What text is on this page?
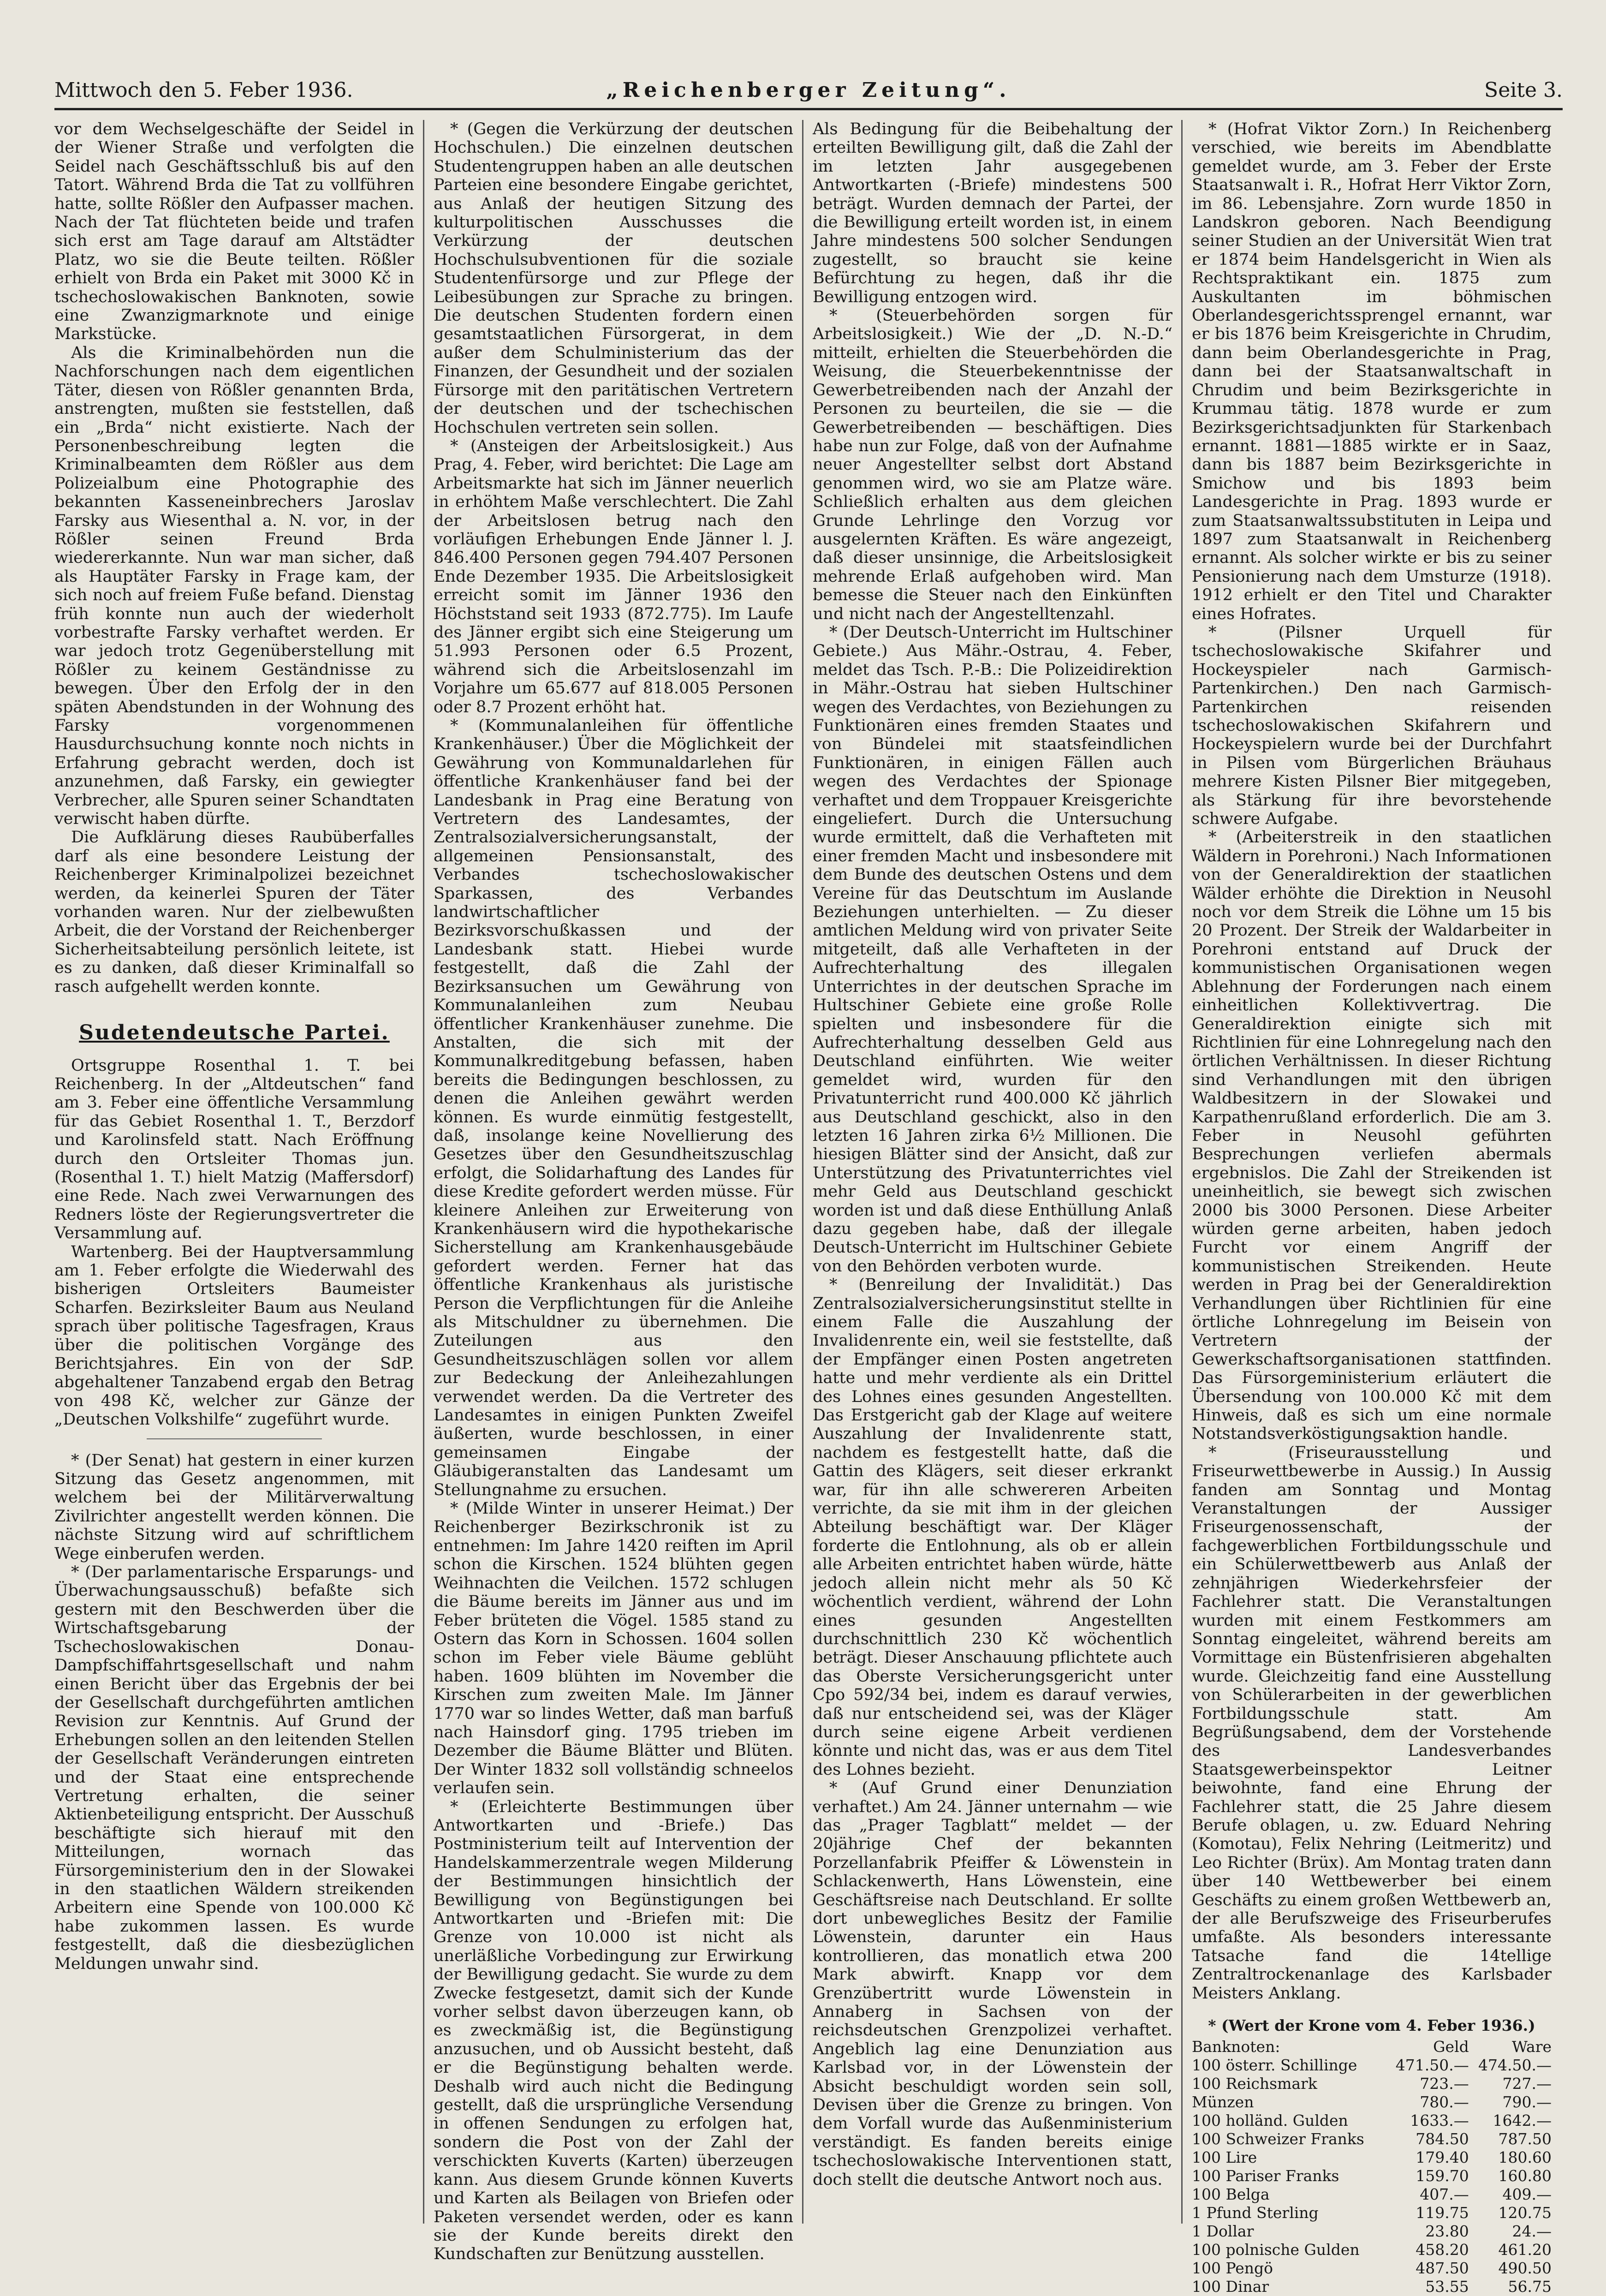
Mittwoch den 5. Feber 1936.	„Reichenberger Zeitung“.	Seite 3.

vor dem Wechselgeschäfte der Seidel in der Wiener Straße und verfolgten die Seidel nach Geschäftsschluß bis auf den Tatort. Während Brda die Tat zu vollführen hatte, sollte Rößler den Aufpasser machen. Nach der Tat flüchteten beide und trafen sich erst am Tage darauf am Altstädter Platz, wo sie die Beute teilten. Rößler erhielt von Brda ein Paket mit 3000 Kč in tschechoslowakischen Banknoten, sowie eine Zwanzigmarknote und einige Markstücke.

Als die Kriminalbehörden nun die Nachforschungen nach dem eigentlichen Täter, diesen von Rößler genannten Brda, anstrengten, mußten sie feststellen, daß ein „Brda“ nicht existierte. Nach der Personenbeschreibung legten die Kriminalbeamten dem Rößler aus dem Polizeialbum eine Photographie des bekannten Kasseneinbrechers Jaroslav Farsky aus Wiesenthal a. N. vor, in der Rößler seinen Freund Brda wiedererkannte. Nun war man sicher, daß als Hauptäter Farsky in Frage kam, der sich noch auf freiem Fuße befand. Dienstag früh konnte nun auch der wiederholt vorbestrafte Farsky verhaftet werden. Er war jedoch trotz Gegenüberstellung mit Rößler zu keinem Geständnisse zu bewegen. Über den Erfolg der in den späten Abendstunden in der Wohnung des Farsky vorgenommenen Hausdurchsuchung konnte noch nichts in Erfahrung gebracht werden, doch ist anzunehmen, daß Farsky, ein gewiegter Verbrecher, alle Spuren seiner Schandtaten verwischt haben dürfte.

Die Aufklärung dieses Raubüberfalles darf als eine besondere Leistung der Reichenberger Kriminalpolizei bezeichnet werden, da keinerlei Spuren der Täter vorhanden waren. Nur der zielbewußten Arbeit, die der Vorstand der Reichenberger Sicherheitsabteilung persönlich leitete, ist es zu danken, daß dieser Kriminalfall so rasch aufgehellt werden konnte.

Sudetendeutsche Partei.

Ortsgruppe Rosenthal 1. T. bei Reichenberg. In der „Altdeutschen“ fand am 3. Feber eine öffentliche Versammlung für das Gebiet Rosenthal 1. T., Berzdorf und Karolinsfeld statt. Nach Eröffnung durch den Ortsleiter Thomas jun. (Rosenthal 1. T.) hielt Matzig (Maffersdorf) eine Rede. Nach zwei Verwarnungen des Redners löste der Regierungsvertreter die Versammlung auf.

Wartenberg. Bei der Hauptversammlung am 1. Feber erfolgte die Wiederwahl des bisherigen Ortsleiters Baumeister Scharfen. Bezirksleiter Baum aus Neuland sprach über politische Tagesfragen, Kraus über die politischen Vorgänge des Berichtsjahres. Ein von der SdP. abgehaltener Tanzabend ergab den Betrag von 498 Kč, welcher zur Gänze der „Deutschen Volkshilfe“ zugeführt wurde.

* (Der Senat) hat gestern in einer kurzen Sitzung das Gesetz angenommen, mit welchem bei der Militärverwaltung Zivilrichter angestellt werden können. Die nächste Sitzung wird auf schriftlichem Wege einberufen werden.

* (Der parlamentarische Ersparungs- und Überwachungsausschuß) befaßte sich gestern mit den Beschwerden über die Wirtschaftsgebarung der Tschechoslowakischen Donau-Dampfschiffahrtsgesellschaft und nahm einen Bericht über das Ergebnis der bei der Gesellschaft durchgeführten amtlichen Revision zur Kenntnis. Auf Grund der Erhebungen sollen an den leitenden Stellen der Gesellschaft Veränderungen eintreten und der Staat eine entsprechende Vertretung erhalten, die seiner Aktienbeteiligung entspricht. Der Ausschuß beschäftigte sich hierauf mit den Mitteilungen, wornach das Fürsorgeministerium den in der Slowakei in den staatlichen Wäldern streikenden Arbeitern eine Spende von 100.000 Kč habe zukommen lassen. Es wurde festgestellt, daß die diesbezüglichen Meldungen unwahr sind.

* (Gegen die Verkürzung der deutschen Hochschulen.) Die einzelnen deutschen Studentengruppen haben an alle deutschen Parteien eine besondere Eingabe gerichtet, aus Anlaß der heutigen Sitzung des kulturpolitischen Ausschusses die Verkürzung der deutschen Hochschulsubventionen für die soziale Studentenfürsorge und zur Pflege der Leibesübungen zur Sprache zu bringen. Die deutschen Studenten fordern einen gesamtstaatlichen Fürsorgerat, in dem außer dem Schulministerium das der Finanzen, der Gesundheit und der sozialen Fürsorge mit den paritätischen Vertretern der deutschen und der tschechischen Hochschulen vertreten sein sollen.

* (Ansteigen der Arbeitslosigkeit.) Aus Prag, 4. Feber, wird berichtet: Die Lage am Arbeitsmarkte hat sich im Jänner neuerlich in erhöhtem Maße verschlechtert. Die Zahl der Arbeitslosen betrug nach den vorläufigen Erhebungen Ende Jänner l. J. 846.400 Personen gegen 794.407 Personen Ende Dezember 1935. Die Arbeitslosigkeit erreicht somit im Jänner 1936 den Höchststand seit 1933 (872.775). Im Laufe des Jänner ergibt sich eine Steigerung um 51.993 Personen oder 6.5 Prozent, während sich die Arbeitslosenzahl im Vorjahre um 65.677 auf 818.005 Personen oder 8.7 Prozent erhöht hat.

* (Kommunalanleihen für öffentliche Krankenhäuser.) Über die Möglichkeit der Gewährung von Kommunaldarlehen für öffentliche Krankenhäuser fand bei der Landesbank in Prag eine Beratung von Vertretern des Landesamtes, der Zentralsozialversicherungsanstalt, der allgemeinen Pensionsanstalt, des Verbandes tschechoslowakischer Sparkassen, des Verbandes landwirtschaftlicher Bezirksvorschußkassen und der Landesbank statt. Hiebei wurde festgestellt, daß die Zahl der Bezirksansuchen um Gewährung von Kommunalanleihen zum Neubau öffentlicher Krankenhäuser zunehme. Die Anstalten, die sich mit der Kommunalkreditgebung befassen, haben bereits die Bedingungen beschlossen, zu denen die Anleihen gewährt werden können. Es wurde einmütig festgestellt, daß, insolange keine Novellierung des Gesetzes über den Gesundheitszuschlag erfolgt, die Solidarhaftung des Landes für diese Kredite gefordert werden müsse. Für kleinere Anleihen zur Erweiterung von Krankenhäusern wird die hypothekarische Sicherstellung am Krankenhausgebäude gefordert werden. Ferner hat das öffentliche Krankenhaus als juristische Person die Verpflichtungen für die Anleihe als Mitschuldner zu übernehmen. Die Zuteilungen aus den Gesundheitszuschlägen sollen vor allem zur Bedeckung der Anleihezahlungen verwendet werden. Da die Vertreter des Landesamtes in einigen Punkten Zweifel äußerten, wurde beschlossen, in einer gemeinsamen Eingabe der Gläubigeranstalten das Landesamt um Stellungnahme zu ersuchen.

* (Milde Winter in unserer Heimat.) Der Reichenberger Bezirkschronik ist zu entnehmen: Im Jahre 1420 reiften im April schon die Kirschen. 1524 blühten gegen Weihnachten die Veilchen. 1572 schlugen die Bäume bereits im Jänner aus und im Feber brüteten die Vögel. 1585 stand zu Ostern das Korn in Schossen. 1604 sollen schon im Feber viele Bäume geblüht haben. 1609 blühten im November die Kirschen zum zweiten Male. Im Jänner 1770 war so lindes Wetter, daß man barfuß nach Hainsdorf ging. 1795 trieben im Dezember die Bäume Blätter und Blüten. Der Winter 1832 soll vollständig schneelos verlaufen sein.

* (Erleichterte Bestimmungen über Antwortkarten und -Briefe.) Das Postministerium teilt auf Intervention der Handelskammerzentrale wegen Milderung der Bestimmungen hinsichtlich der Bewilligung von Begünstigungen bei Antwortkarten und -Briefen mit: Die Grenze von 10.000 ist nicht als unerläßliche Vorbedingung zur Erwirkung der Bewilligung gedacht. Sie wurde zu dem Zwecke festgesetzt, damit sich der Kunde vorher selbst davon überzeugen kann, ob es zweckmäßig ist, die Begünstigung anzusuchen, und ob Aussicht besteht, daß er die Begünstigung behalten werde. Deshalb wird auch nicht die Bedingung gestellt, daß die ursprüngliche Versendung in offenen Sendungen zu erfolgen hat, sondern die Post von der Zahl der verschickten Kuverts (Karten) überzeugen kann. Aus diesem Grunde können Kuverts und Karten als Beilagen von Briefen oder Paketen versendet werden, oder es kann sie der Kunde bereits direkt den Kundschaften zur Benützung ausstellen.

Als Bedingung für die Beibehaltung der erteilten Bewilligung gilt, daß die Zahl der im letzten Jahr ausgegebenen Antwortkarten (-Briefe) mindestens 500 beträgt. Wurden demnach der Partei, der die Bewilligung erteilt worden ist, in einem Jahre mindestens 500 solcher Sendungen zugestellt, so braucht sie keine Befürchtung zu hegen, daß ihr die Bewilligung entzogen wird.

* (Steuerbehörden sorgen für Arbeitslosigkeit.) Wie der „D. N.-D.“ mitteilt, erhielten die Steuerbehörden die Weisung, die Steuerbekenntnisse der Gewerbetreibenden nach der Anzahl der Personen zu beurteilen, die sie — die Gewerbetreibenden — beschäftigen. Dies habe nun zur Folge, daß von der Aufnahme neuer Angestellter selbst dort Abstand genommen wird, wo sie am Platze wäre. Schließlich erhalten aus dem gleichen Grunde Lehrlinge den Vorzug vor ausgelernten Kräften. Es wäre angezeigt, daß dieser unsinnige, die Arbeitslosigkeit mehrende Erlaß aufgehoben wird. Man bemesse die Steuer nach den Einkünften und nicht nach der Angestelltenzahl.

* (Der Deutsch-Unterricht im Hultschiner Gebiete.) Aus Mähr.-Ostrau, 4. Feber, meldet das Tsch. P.-B.: Die Polizeidirektion in Mähr.-Ostrau hat sieben Hultschiner wegen des Verdachtes, von Beziehungen zu Funktionären eines fremden Staates und von Bündelei mit staatsfeindlichen Funktionären, in einigen Fällen auch wegen des Verdachtes der Spionage verhaftet und dem Troppauer Kreisgerichte eingeliefert. Durch die Untersuchung wurde ermittelt, daß die Verhafteten mit einer fremden Macht und insbesondere mit dem Bunde des deutschen Ostens und dem Vereine für das Deutschtum im Auslande Beziehungen unterhielten. — Zu dieser amtlichen Meldung wird von privater Seite mitgeteilt, daß alle Verhafteten in der Aufrechterhaltung des illegalen Unterrichtes in der deutschen Sprache im Hultschiner Gebiete eine große Rolle spielten und insbesondere für die Aufrechterhaltung desselben Geld aus Deutschland einführten. Wie weiter gemeldet wird, wurden für den Privatunterricht rund 400.000 Kč jährlich aus Deutschland geschickt, also in den letzten 16 Jahren zirka 6½ Millionen. Die hiesigen Blätter sind der Ansicht, daß zur Unterstützung des Privatunterrichtes viel mehr Geld aus Deutschland geschickt worden ist und daß diese Enthüllung Anlaß dazu gegeben habe, daß der illegale Deutsch-Unterricht im Hultschiner Gebiete von den Behörden verboten wurde.

* (Benreilung der Invalidität.) Das Zentralsozialversicherungsinstitut stellte in einem Falle die Auszahlung der Invalidenrente ein, weil sie feststellte, daß der Empfänger einen Posten angetreten hatte und mehr verdiente als ein Drittel des Lohnes eines gesunden Angestellten. Das Erstgericht gab der Klage auf weitere Auszahlung der Invalidenrente statt, nachdem es festgestellt hatte, daß die Gattin des Klägers, seit dieser erkrankt war, für ihn alle schwereren Arbeiten verrichte, da sie mit ihm in der gleichen Abteilung beschäftigt war. Der Kläger forderte die Entlohnung, als ob er allein alle Arbeiten entrichtet haben würde, hätte jedoch allein nicht mehr als 50 Kč wöchentlich verdient, während der Lohn eines gesunden Angestellten durchschnittlich 230 Kč wöchentlich beträgt. Dieser Anschauung pflichtete auch das Oberste Versicherungsgericht unter Cpo 592/34 bei, indem es darauf verwies, daß nur entscheidend sei, was der Kläger durch seine eigene Arbeit verdienen könnte und nicht das, was er aus dem Titel des Lohnes bezieht.

* (Auf Grund einer Denunziation verhaftet.) Am 24. Jänner unternahm — wie das „Prager Tagblatt“ meldet — der 20jährige Chef der bekannten Porzellanfabrik Pfeiffer & Löwenstein in Schlackenwerth, Hans Löwenstein, eine Geschäftsreise nach Deutschland. Er sollte dort unbewegliches Besitz der Familie Löwenstein, darunter ein Haus kontrollieren, das monatlich etwa 200 Mark abwirft. Knapp vor dem Grenzübertritt wurde Löwenstein in Annaberg in Sachsen von der reichsdeutschen Grenzpolizei verhaftet. Angeblich lag eine Denunziation aus Karlsbad vor, in der Löwenstein der Absicht beschuldigt worden sein soll, Devisen über die Grenze zu bringen. Von dem Vorfall wurde das Außenministerium verständigt. Es fanden bereits einige tschechoslowakische Interventionen statt, doch stellt die deutsche Antwort noch aus.

* (Hofrat Viktor Zorn.) In Reichenberg verschied, wie bereits im Abendblatte gemeldet wurde, am 3. Feber der Erste Staatsanwalt i. R., Hofrat Herr Viktor Zorn, im 86. Lebensjahre. Zorn wurde 1850 in Landskron geboren. Nach Beendigung seiner Studien an der Universität Wien trat er 1874 beim Handelsgericht in Wien als Rechtspraktikant ein. 1875 zum Auskultanten im böhmischen Oberlandesgerichtssprengel ernannt, war er bis 1876 beim Kreisgerichte in Chrudim, dann beim Oberlandesgerichte in Prag, dann bei der Staatsanwaltschaft in Chrudim und beim Bezirksgerichte in Krummau tätig. 1878 wurde er zum Bezirksgerichtsadjunkten für Starkenbach ernannt. 1881—1885 wirkte er in Saaz, dann bis 1887 beim Bezirksgerichte in Smichow und bis 1893 beim Landesgerichte in Prag. 1893 wurde er zum Staatsanwaltssubstituten in Leipa und 1897 zum Staatsanwalt in Reichenberg ernannt. Als solcher wirkte er bis zu seiner Pensionierung nach dem Umsturze (1918). 1912 erhielt er den Titel und Charakter eines Hofrates.

* (Pilsner Urquell für tschechoslowakische Skifahrer und Hockeyspieler nach Garmisch-Partenkirchen.) Den nach Garmisch-Partenkirchen reisenden tschechoslowakischen Skifahrern und Hockeyspielern wurde bei der Durchfahrt in Pilsen vom Bürgerlichen Bräuhaus mehrere Kisten Pilsner Bier mitgegeben, als Stärkung für ihre bevorstehende schwere Aufgabe.

* (Arbeiterstreik in den staatlichen Wäldern in Porehroni.) Nach Informationen von der Generaldirektion der staatlichen Wälder erhöhte die Direktion in Neusohl noch vor dem Streik die Löhne um 15 bis 20 Prozent. Der Streik der Waldarbeiter in Porehroni entstand auf Druck der kommunistischen Organisationen wegen Ablehnung der Forderungen nach einem einheitlichen Kollektivvertrag. Die Generaldirektion einigte sich mit Richtlinien für eine Lohnregelung nach den örtlichen Verhältnissen. In dieser Richtung sind Verhandlungen mit den übrigen Waldbesitzern in der Slowakei und Karpathenrußland erforderlich. Die am 3. Feber in Neusohl geführten Besprechungen verliefen abermals ergebnislos. Die Zahl der Streikenden ist uneinheitlich, sie bewegt sich zwischen 2000 bis 3000 Personen. Diese Arbeiter würden gerne arbeiten, haben jedoch Furcht vor einem Angriff der kommunistischen Streikenden. Heute werden in Prag bei der Generaldirektion Verhandlungen über Richtlinien für eine örtliche Lohnregelung im Beisein von Vertretern der Gewerkschaftsorganisationen stattfinden. Das Fürsorgeministerium erläutert die Übersendung von 100.000 Kč mit dem Hinweis, daß es sich um eine normale Notstandsverköstigungsaktion handle.

* (Friseurausstellung und Friseurwettbewerbe in Aussig.) In Aussig fanden am Sonntag und Montag Veranstaltungen der Aussiger Friseurgenossenschaft, der fachgewerblichen Fortbildungsschule und ein Schülerwettbewerb aus Anlaß der zehnjährigen Wiederkehrsfeier der Fachlehrer statt. Die Veranstaltungen wurden mit einem Festkommers am Sonntag eingeleitet, während bereits am Vormittage ein Büstenfrisieren abgehalten wurde. Gleichzeitig fand eine Ausstellung von Schülerarbeiten in der gewerblichen Fortbildungsschule statt. Am Begrüßungsabend, dem der Vorstehende des Landesverbandes Staatsgewerbeinspektor Leitner beiwohnte, fand eine Ehrung der Fachlehrer statt, die 25 Jahre diesem Berufe oblagen, u. zw. Eduard Nehring (Komotau), Felix Nehring (Leitmeritz) und Leo Richter (Brüx). Am Montag traten dann über 140 Wettbewerber bei einem Geschäfts zu einem großen Wettbewerb an, der alle Berufszweige des Friseurberufes umfaßte. Als besonders interessante Tatsache fand die 14tellige Zentraltrockenanlage des Karlsbader Meisters Anklang.

* (Wert der Krone vom 4. Feber 1936.)
Banknoten:	Geld	Ware
100 österr. Schillinge	471.50.—	474.50.—
100 Reichsmark	723.—	727.—
Münzen	780.—	790.—
100 holländ. Gulden	1633.—	1642.—
100 Schweizer Franks	784.50	787.50
100 Lire	179.40	180.60
100 Pariser Franks	159.70	160.80
100 Belga	407.—	409.—
1 Pfund Sterling	119.75	120.75
1 Dollar	23.80	24.—
100 polnische Gulden	458.20	461.20
100 Pengö	487.50	490.50
100 Dinar	53.55	56.75
